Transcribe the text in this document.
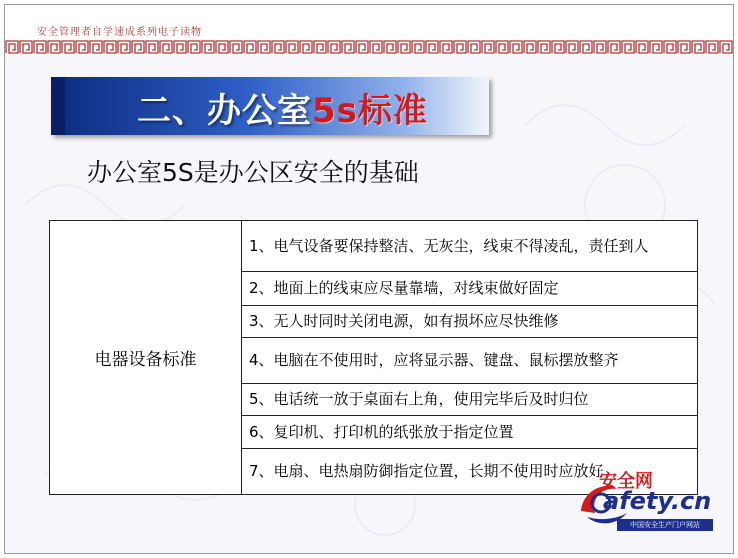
安全管理者自学速成系列电子读物
二、办公室5s标准
办公室5S是办公区安全的基础
电器设备标准	1、电气设备要保持整洁、无灰尘，线束不得凌乱，责任到人
2、地面上的线束应尽量靠墙，对线束做好固定
3、无人时同时关闭电源，如有损坏应尽快维修
4、电脑在不使用时，应将显示器、键盘、鼠标摆放整齐
5、电话统一放于桌面右上角，使用完毕后及时归位
6、复印机、打印机的纸张放于指定位置
7、电扇、电热扇防御指定位置，长期不使用时应放好
安全网
afety.cn
中国安全生产门户网站
